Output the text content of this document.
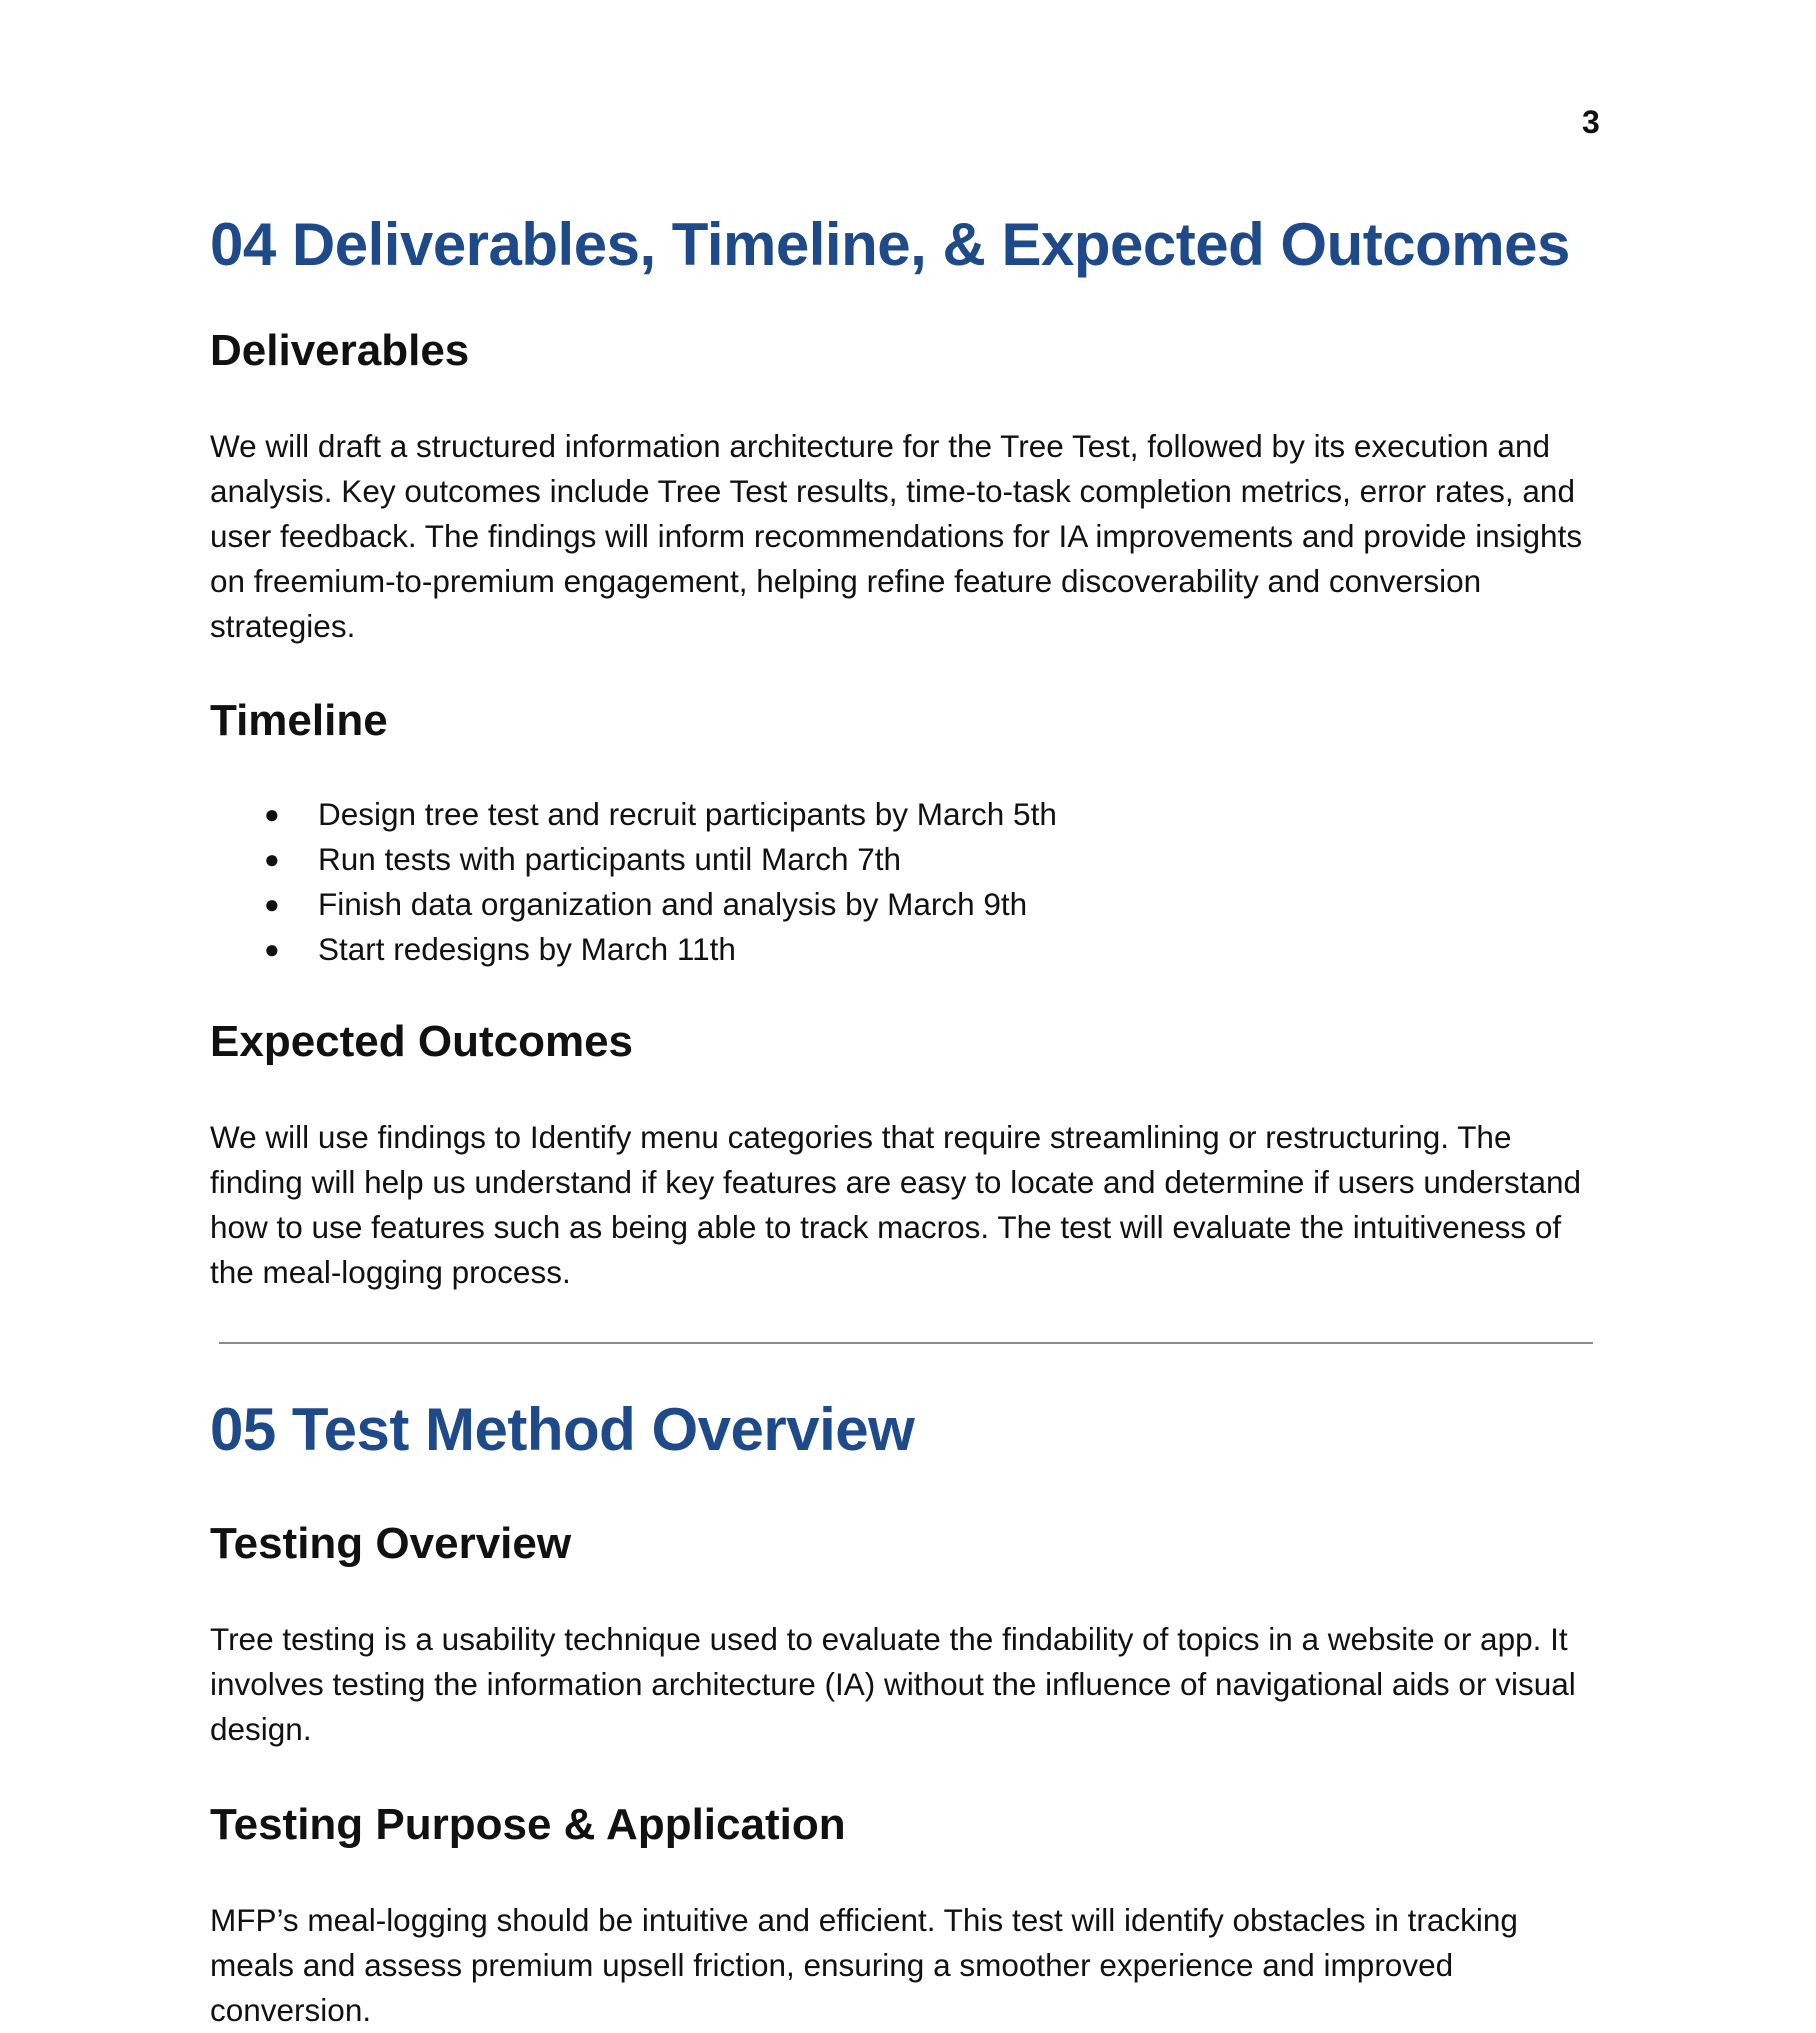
3
04 Deliverables, Timeline, & Expected Outcomes
Deliverables

We will draft a structured information architecture for the Tree Test, followed by its execution and analysis. Key outcomes include Tree Test results, time-to-task completion metrics, error rates, and user feedback. The findings will inform recommendations for IA improvements and provide insights on freemium-to-premium engagement, helping refine feature discoverability and conversion strategies.

Timeline
● Design tree test and recruit participants by March 5th
● Run tests with participants until March 7th
● Finish data organization and analysis by March 9th
● Start redesigns by March 11th
Expected Outcomes

We will use findings to Identify menu categories that require streamlining or restructuring. The finding will help us understand if key features are easy to locate and determine if users understand how to use features such as being able to track macros. The test will evaluate the intuitiveness of the meal-logging process.

05 Test Method Overview
Testing Overview

Tree testing is a usability technique used to evaluate the findability of topics in a website or app. It involves testing the information architecture (IA) without the influence of navigational aids or visual design.

Testing Purpose & Application

MFP’s meal-logging should be intuitive and efficient. This test will identify obstacles in tracking meals and assess premium upsell friction, ensuring a smoother experience and improved conversion.
